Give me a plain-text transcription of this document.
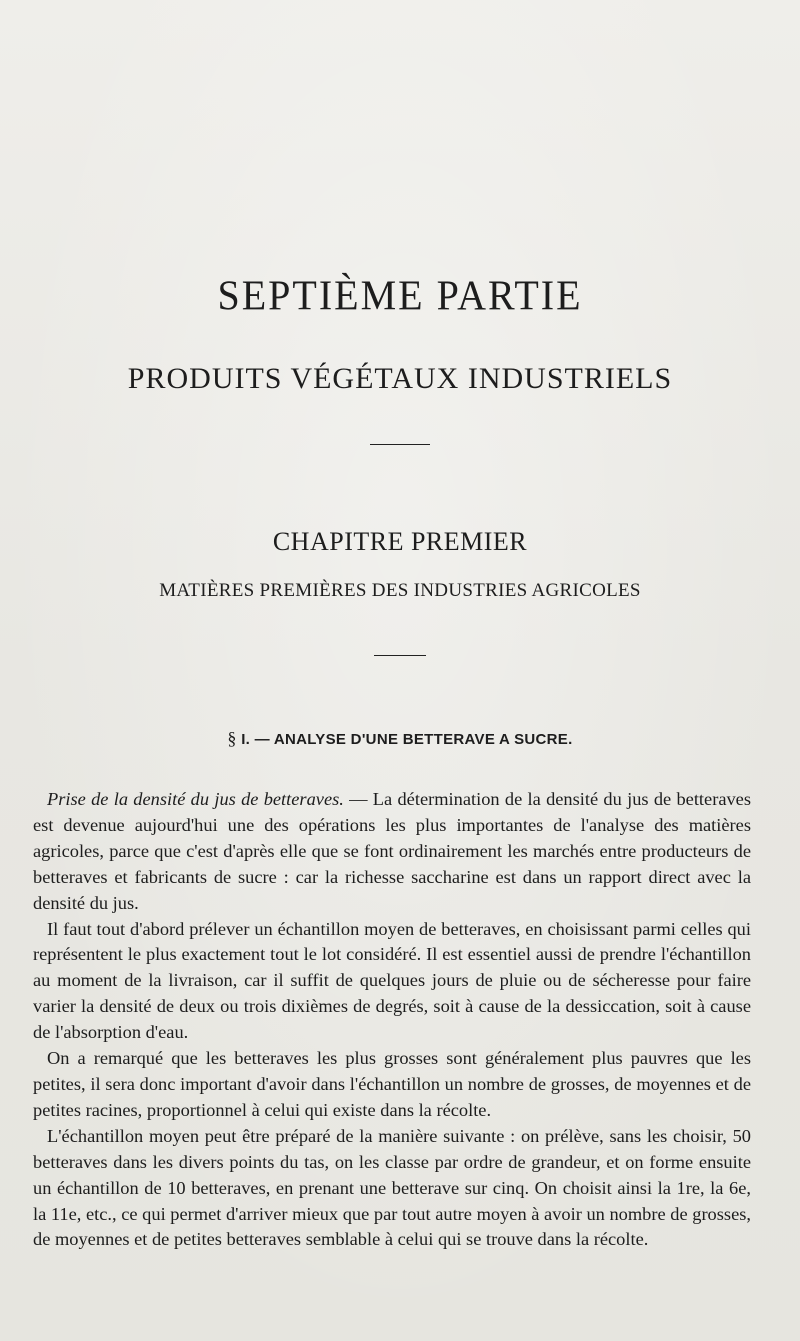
SEPTIÈME PARTIE
PRODUITS VÉGÉTAUX INDUSTRIELS
CHAPITRE PREMIER
MATIÈRES PREMIÈRES DES INDUSTRIES AGRICOLES
§ I. — ANALYSE D'UNE BETTERAVE A SUCRE.

Prise de la densité du jus de betteraves. — La détermination de la densité du jus de betteraves est devenue aujourd'hui une des opérations les plus importantes de l'analyse des matières agricoles, parce que c'est d'après elle que se font ordinairement les marchés entre producteurs de betteraves et fabricants de sucre : car la richesse saccharine est dans un rapport direct avec la densité du jus.

Il faut tout d'abord prélever un échantillon moyen de betteraves, en choisissant parmi celles qui représentent le plus exactement tout le lot considéré. Il est essentiel aussi de prendre l'échantillon au moment de la livraison, car il suffit de quelques jours de pluie ou de sécheresse pour faire varier la densité de deux ou trois dixièmes de degrés, soit à cause de la dessiccation, soit à cause de l'absorption d'eau.

On a remarqué que les betteraves les plus grosses sont généralement plus pauvres que les petites, il sera donc important d'avoir dans l'échantillon un nombre de grosses, de moyennes et de petites racines, proportionnel à celui qui existe dans la récolte.

L'échantillon moyen peut être préparé de la manière suivante : on prélève, sans les choisir, 50 betteraves dans les divers points du tas, on les classe par ordre de grandeur, et on forme ensuite un échantillon de 10 betteraves, en prenant une betterave sur cinq. On choisit ainsi la 1re, la 6e, la 11e, etc., ce qui permet d'arriver mieux que par tout autre moyen à avoir un nombre de grosses, de moyennes et de petites betteraves semblable à celui qui se trouve dans la récolte.
